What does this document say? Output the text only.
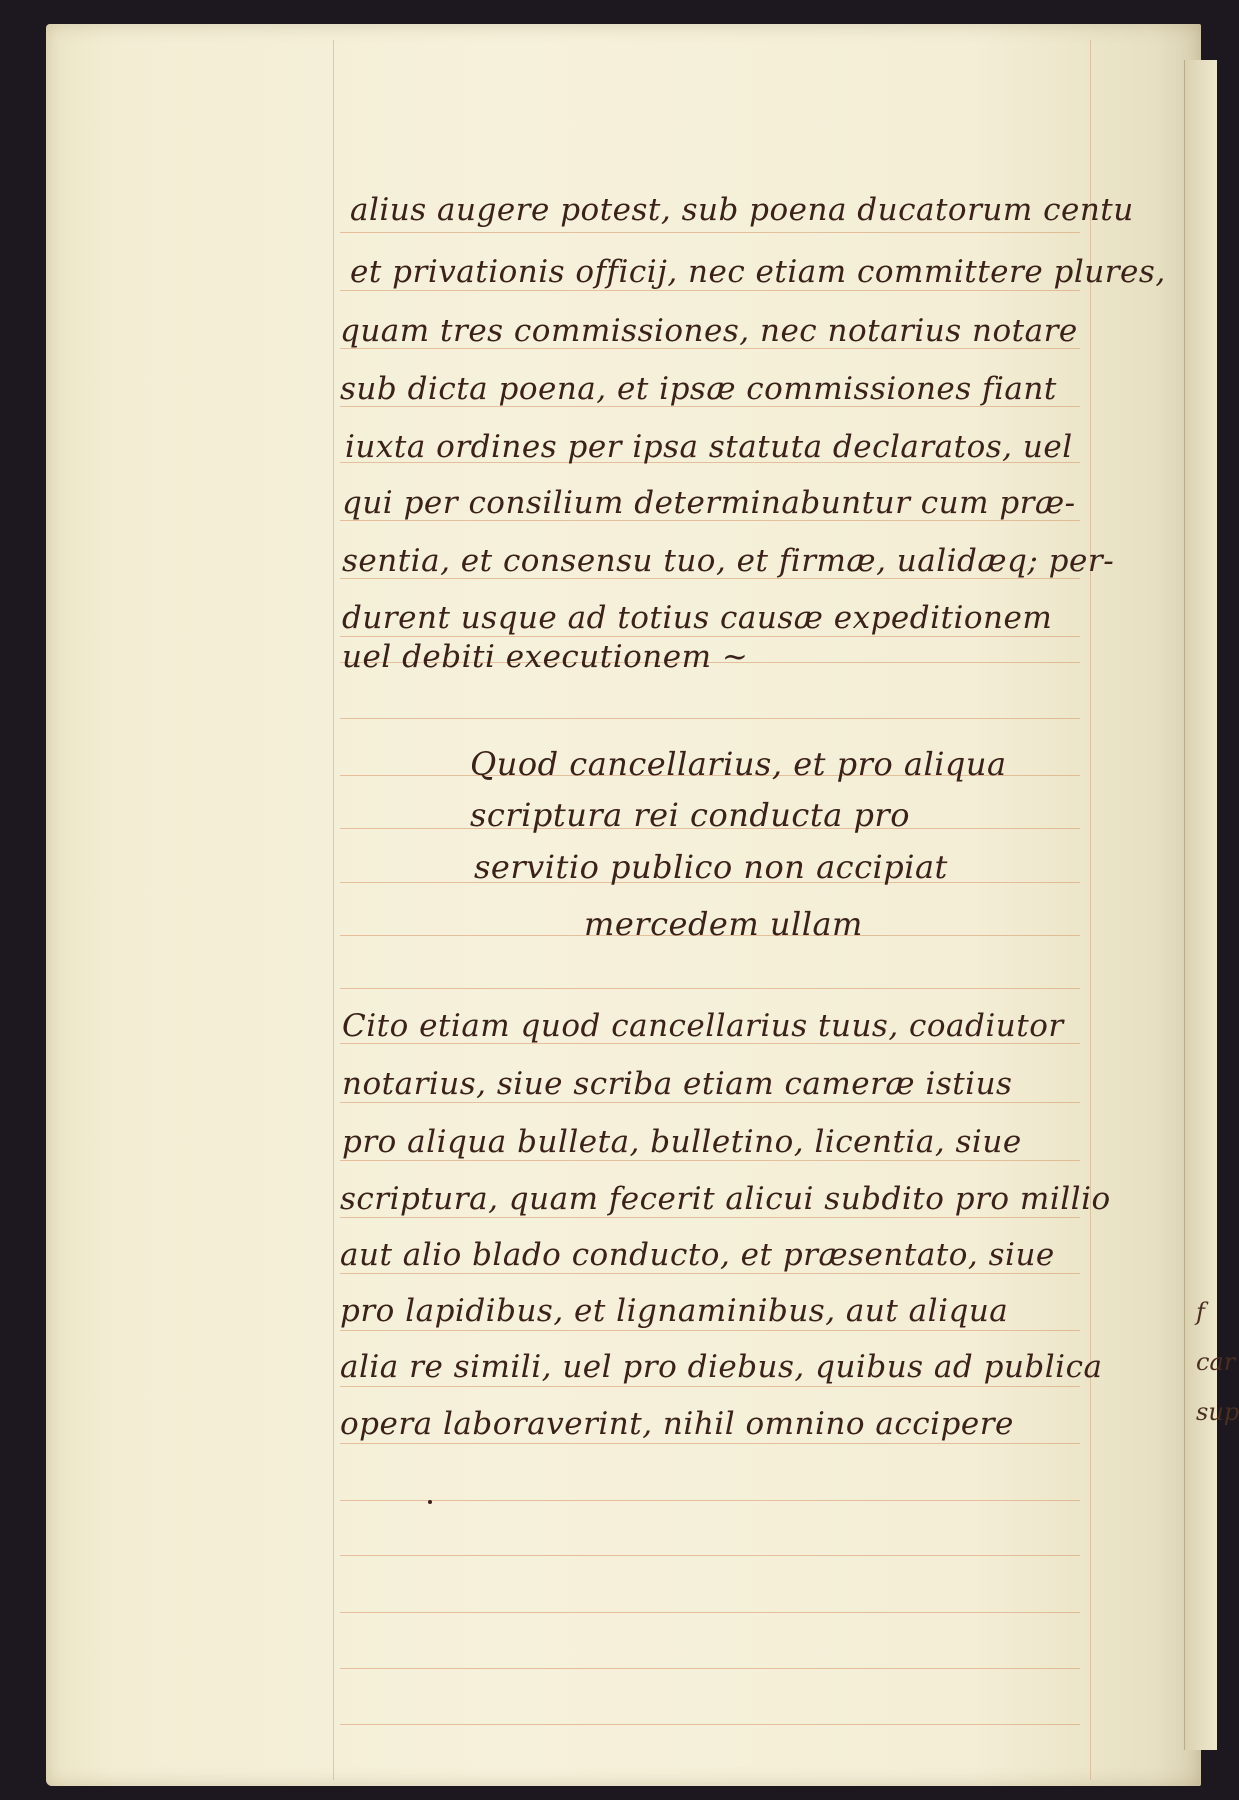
alius augere potest, sub poena ducatorum centu
et privationis officij, nec etiam committere plures,
quam tres commissiones, nec notarius notare
sub dicta poena, et ipsæ commissiones fiant
iuxta ordines per ipsa statuta declaratos, uel
qui per consilium determinabuntur cum præ-
sentia, et consensu tuo, et firmæ, ualidæq; per-
durent usque ad totius causæ expeditionem
uel debiti executionem ~
Quod cancellarius, et pro aliqua
scriptura rei conducta pro
servitio publico non accipiat
mercedem ullam
Cito etiam quod cancellarius tuus, coadiutor
notarius, siue scriba etiam cameræ istius
pro aliqua bulleta, bulletino, licentia, siue
scriptura, quam fecerit alicui subdito pro millio
aut alio blado conducto, et præsentato, siue
pro lapidibus, et lignaminibus, aut aliqua
alia re simili, uel pro diebus, quibus ad publica
opera laboraverint, nihil omnino accipere
f
car
sup
